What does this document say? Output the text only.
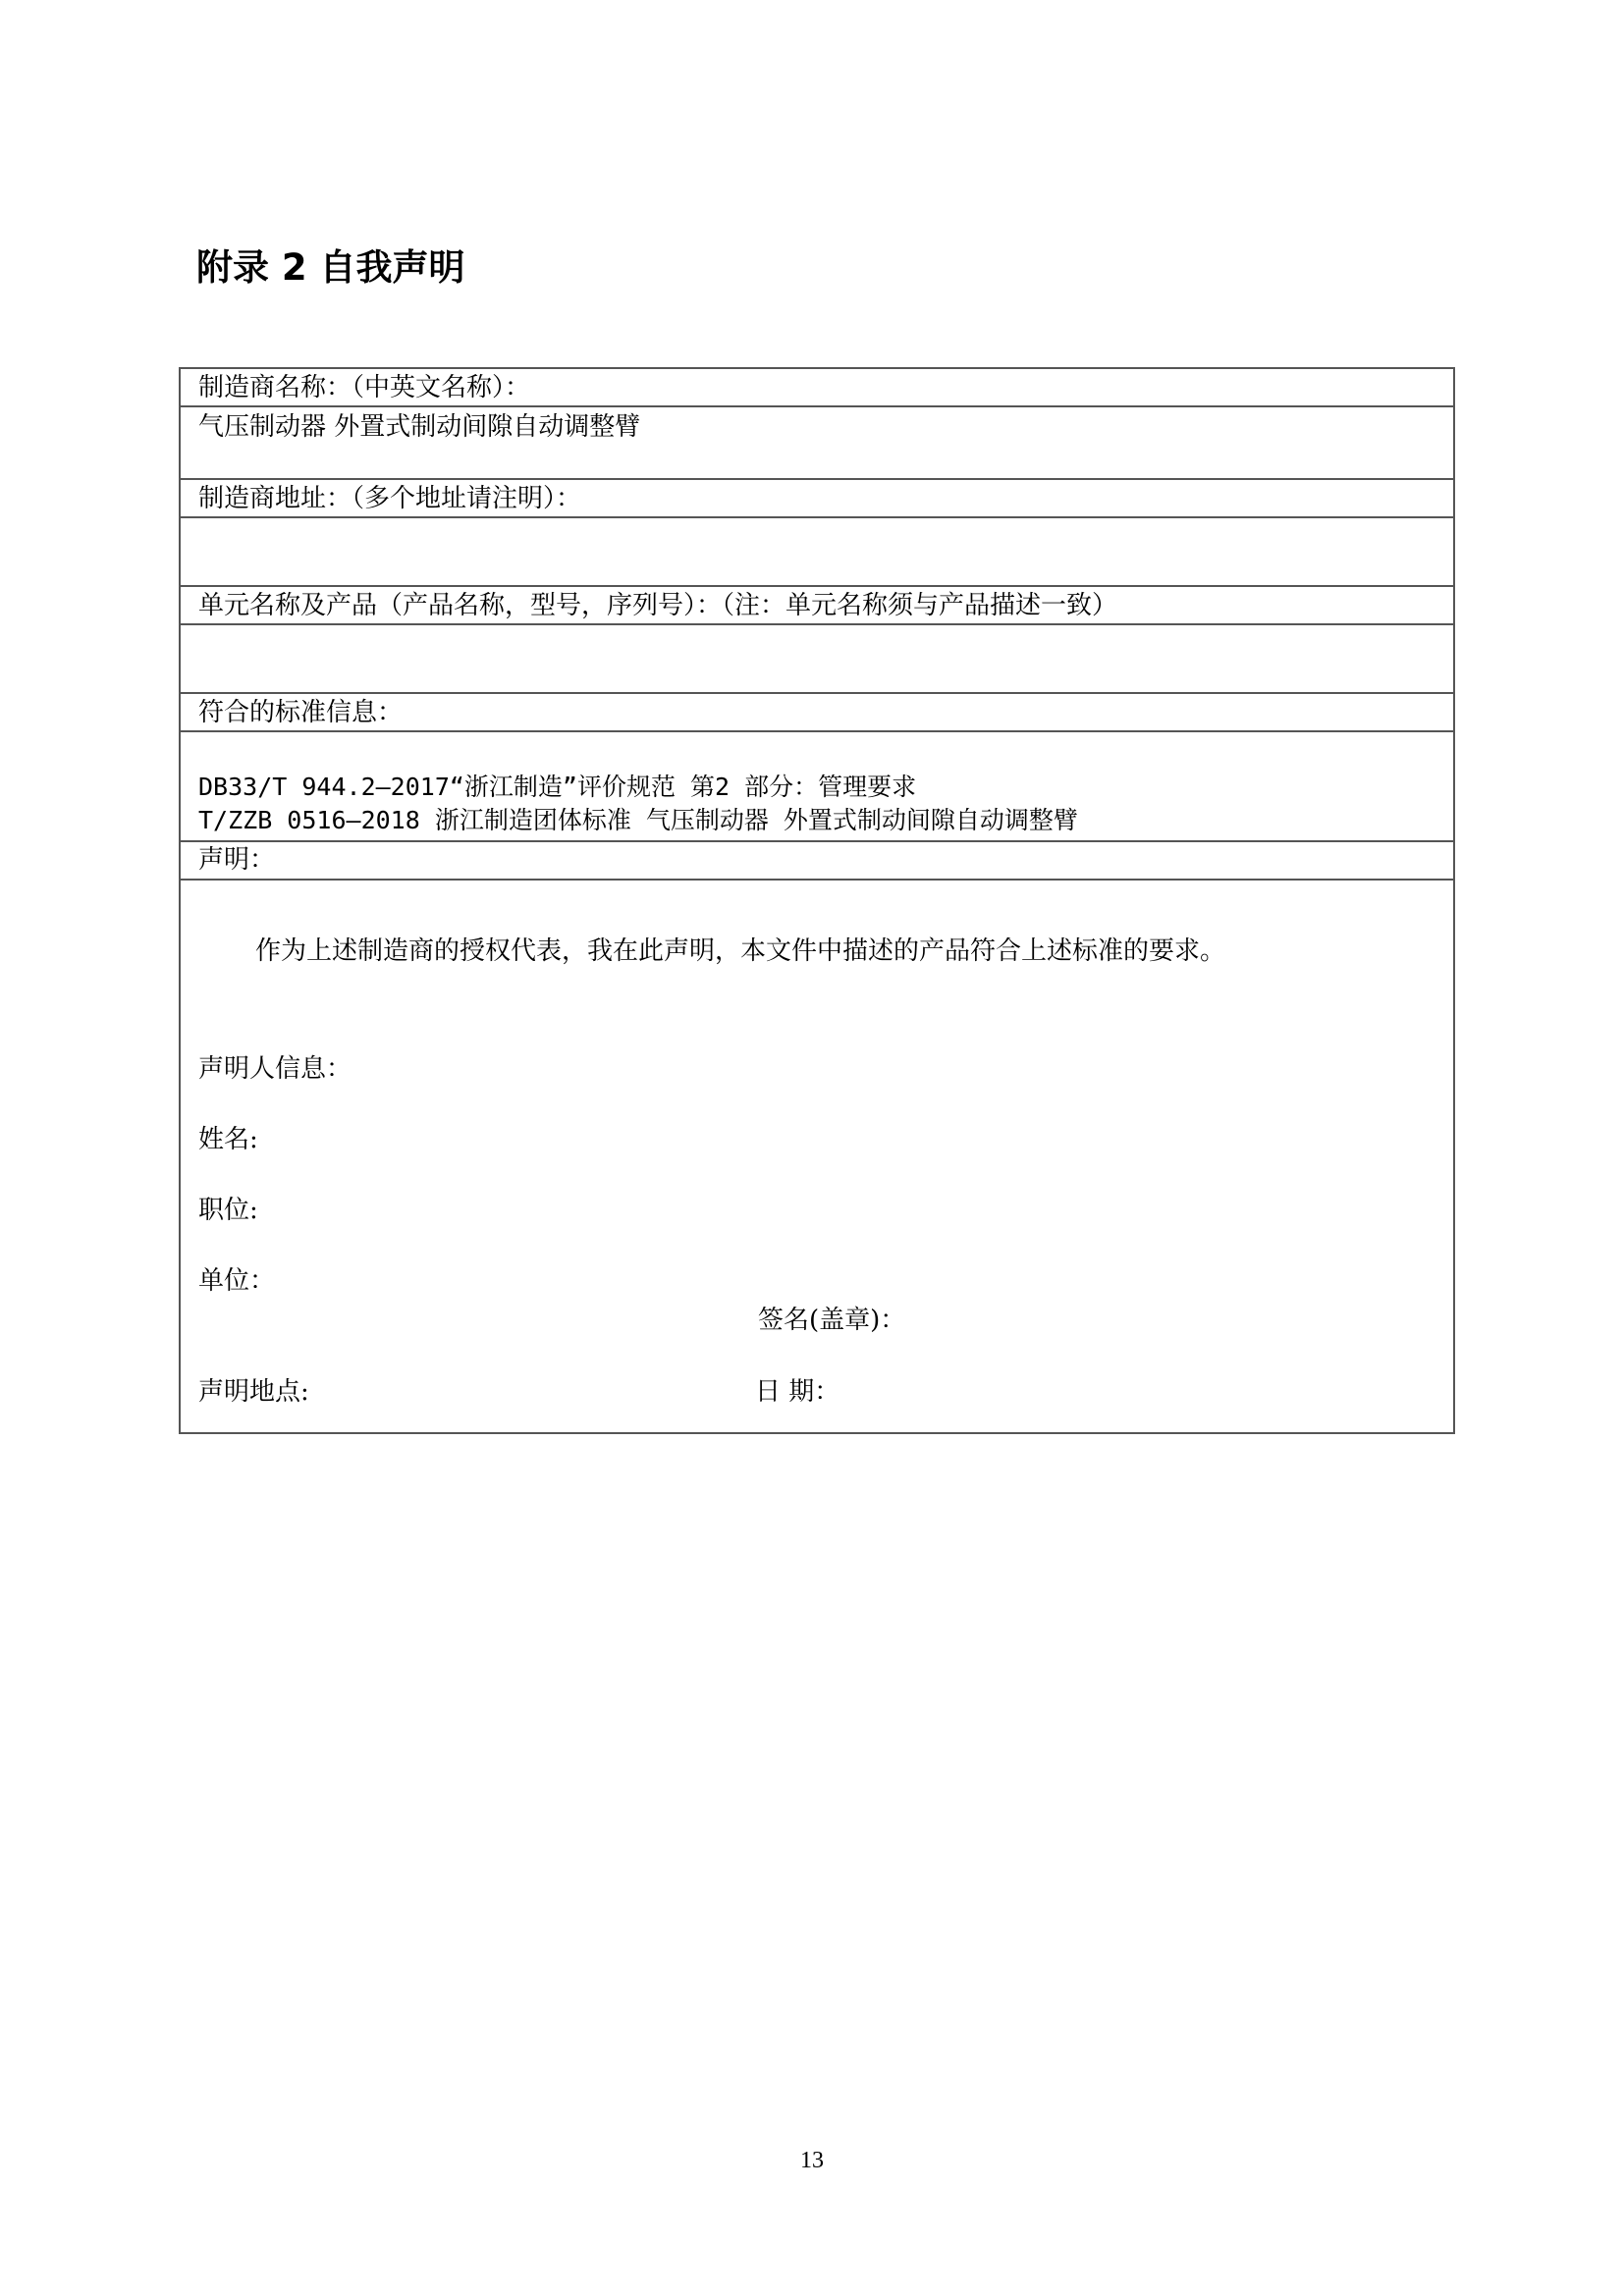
附录 2 自我声明
制造商名称：（中英文名称）：
气压制动器 外置式制动间隙自动调整臂
制造商地址：（多个地址请注明）：
单元名称及产品（产品名称，型号，序列号）：（注：单元名称须与产品描述一致）
符合的标准信息：
DB33/T 944.2—2017“浙江制造”评价规范 第2 部分：管理要求
T/ZZB 0516—2018 浙江制造团体标准 气压制动器 外置式制动间隙自动调整臂
声明：
作为上述制造商的授权代表，我在此声明，本文件中描述的产品符合上述标准的要求。
声明人信息：
姓名:
职位:
单位：
签名(盖章)：
声明地点:	日 期：
13
